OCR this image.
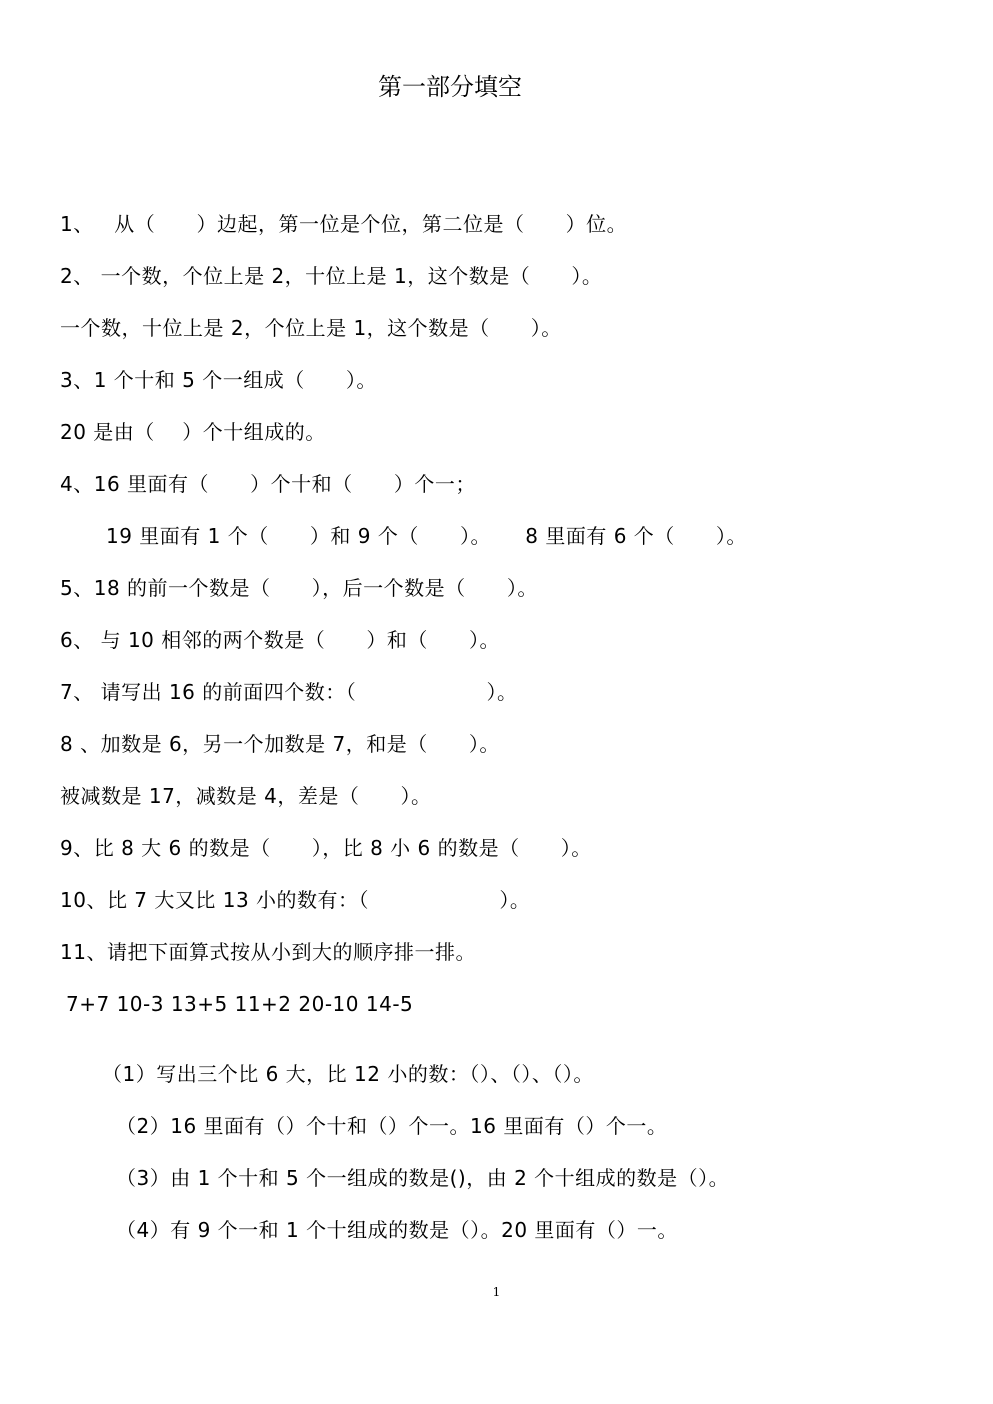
第一部分填空
1、   从（      ）边起，第一位是个位，第二位是（      ）位。
2、 一个数，个位上是 2，十位上是 1，这个数是（      ）。
一个数，十位上是 2，个位上是 1，这个数是（      ）。
3、1 个十和 5 个一组成（      ）。
20 是由（    ）个十组成的。
4、16 里面有（      ）个十和（      ）个一；
19 里面有 1 个（      ）和 9 个（      ）。     8 里面有 6 个（      ）。
5、18 的前一个数是（      ），后一个数是（      ）。
6、 与 10 相邻的两个数是（      ）和（      ）。
7、 请写出 16 的前面四个数：（                   ）。
8 、加数是 6，另一个加数是 7，和是（      ）。
被减数是 17，减数是 4，差是（      ）。
9、比 8 大 6 的数是（      ），比 8 小 6 的数是（      ）。
10、比 7 大又比 13 小的数有：（                   ）。
11、请把下面算式按从小到大的顺序排一排。
7+7 10-3 13+5 11+2 20-10 14-5
（1）写出三个比 6 大，比 12 小的数：（）、（）、（）。
（2）16 里面有（）个十和（）个一。16 里面有（）个一。
（3）由 1 个十和 5 个一组成的数是()，由 2 个十组成的数是（）。
（4）有 9 个一和 1 个十组成的数是（）。20 里面有（）一。
1
